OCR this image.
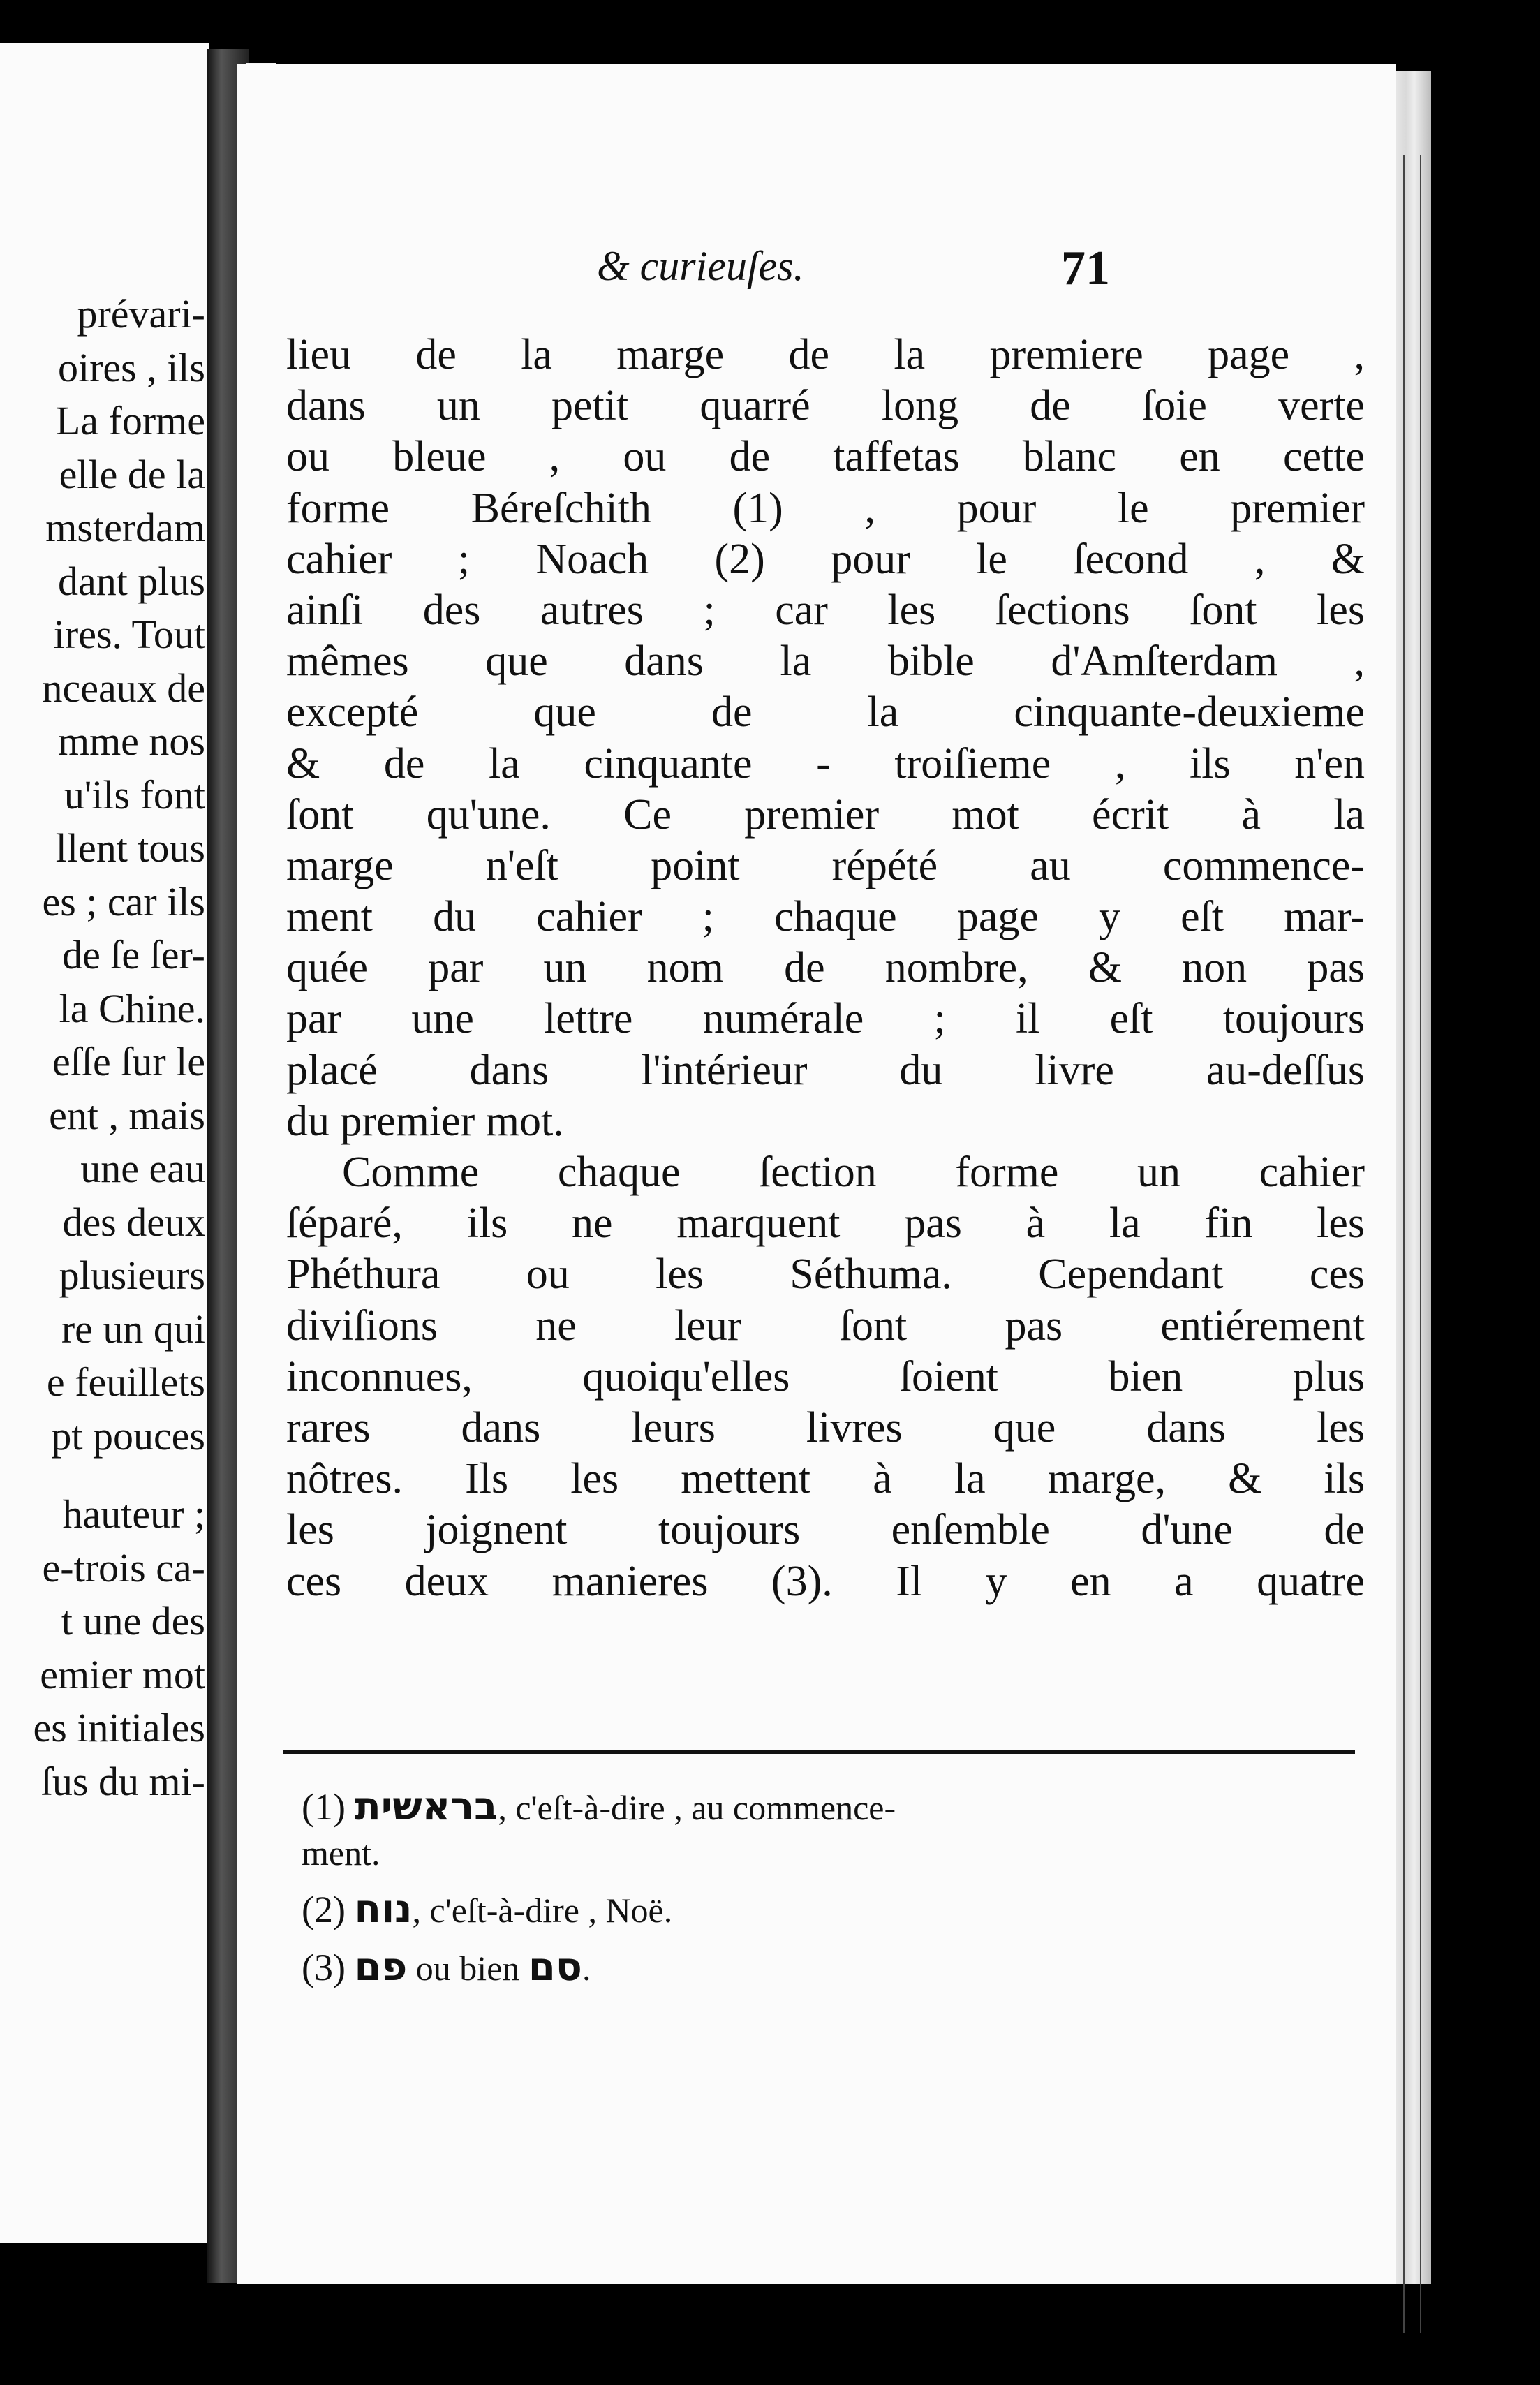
prévari-
oires , ils
La forme
elle de la
msterdam
dant plus
ires. Tout
nceaux de
mme nos
u'ils font
llent tous
es ; car ils
de ſe ſer-
la Chine.
eſſe ſur le
ent , mais
une eau
des deux
plusieurs
re un qui
e feuillets
pt pouces
hauteur ;
e-trois ca-
t une des
emier mot
es initiales
ſus du mi-
& curieuſes.	71
lieu de la marge de la premiere page ,
dans un petit quarré long de ſoie verte
ou bleue , ou de taffetas blanc en cette
forme Béreſchith (1) , pour le premier
cahier ; Noach (2) pour le ſecond , &
ainſi des autres ; car les ſections ſont les
mêmes que dans la bible d'Amſterdam ,
excepté que de la cinquante-deuxieme
& de la cinquante - troiſieme , ils n'en
ſont qu'une. Ce premier mot écrit à la
marge n'eſt point répété au commence-
ment du cahier ; chaque page y eſt mar-
quée par un nom de nombre, & non pas
par une lettre numérale ; il eſt toujours
placé dans l'intérieur du livre au-deſſus
du premier mot.
Comme chaque ſection forme un cahier
ſéparé, ils ne marquent pas à la fin les
Phéthura ou les Séthuma. Cependant ces
diviſions ne leur ſont pas entiérement
inconnues, quoiqu'elles ſoient bien plus
rares dans leurs livres que dans les
nôtres. Ils les mettent à la marge, & ils
les joignent toujours enſemble d'une de
ces deux manieres (3). Il y en a quatre
(1) בראשית, c'eſt-à-dire , au commence-
ment.
(2) נוח, c'eſt-à-dire , Noë.
(3) פם ou bien סם.
